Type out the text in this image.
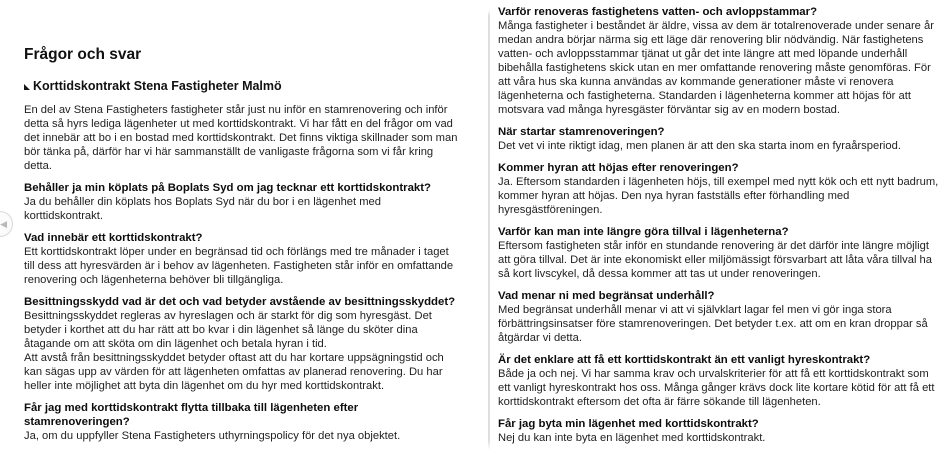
Frågor och svar
Korttidskontrakt Stena Fastigheter Malmö

En del av Stena Fastigheters fastigheter står just nu inför en stamrenovering och inför detta så hyrs lediga lägenheter ut med korttidskontrakt. Vi har fått en del frågor om vad det innebär att bo i en bostad med korttidskontrakt. Det finns viktiga skillnader som man bör tänka på, därför har vi här sammanställt de vanligaste frågorna som vi får kring detta.

Behåller ja min köplats på Boplats Syd om jag tecknar ett korttidskontrakt?

Ja du behåller din köplats hos Boplats Syd när du bor i en lägenhet med korttidskontrakt.

Vad innebär ett korttidskontrakt?

Ett korttidskontrakt löper under en begränsad tid och förlängs med tre månader i taget till dess att hyresvärden är i behov av lägenheten. Fastigheten står inför en omfattande renovering och lägenheterna behöver bli tillgängliga.

Besittningsskydd vad är det och vad betyder avstående av besittningsskyddet?

Besittningsskyddet regleras av hyreslagen och är starkt för dig som hyresgäst. Det betyder i korthet att du har rätt att bo kvar i din lägenhet så länge du sköter dina åtagande om att sköta om din lägenhet och betala hyran i tid.

Att avstå från besittningsskyddet betyder oftast att du har kortare uppsägningstid och kan sägas upp av värden för att lägenheten omfattas av planerad renovering. Du har heller inte möjlighet att byta din lägenhet om du hyr med korttidskontrakt.

Får jag med korttidskontrakt flytta tillbaka till lägenheten efter stamrenoveringen?

Ja, om du uppfyller Stena Fastigheters uthyrningspolicy för det nya objektet.

Varför renoveras fastighetens vatten- och avloppstammar?

Många fastigheter i beståndet är äldre, vissa av dem är totalrenoverade under senare år medan andra börjar närma sig ett läge där renovering blir nödvändig. När fastighetens vatten- och avloppsstammar tjänat ut går det inte längre att med löpande underhåll bibehålla fastighetens skick utan en mer omfattande renovering måste genomföras. För att våra hus ska kunna användas av kommande generationer måste vi renovera lägenheterna och fastigheterna. Standarden i lägenheterna kommer att höjas för att motsvara vad många hyresgäster förväntar sig av en modern bostad.

När startar stamrenoveringen?

Det vet vi inte riktigt idag, men planen är att den ska starta inom en fyraårsperiod.

Kommer hyran att höjas efter renoveringen?

Ja. Eftersom standarden i lägenheten höjs, till exempel med nytt kök och ett nytt badrum, kommer hyran att höjas. Den nya hyran fastställs efter förhandling med hyresgästföreningen.

Varför kan man inte längre göra tillval i lägenheterna?

Eftersom fastigheten står inför en stundande renovering är det därför inte längre möjligt att göra tillval. Det är inte ekonomiskt eller miljömässigt försvarbart att låta våra tillval ha så kort livscykel, då dessa kommer att tas ut under renoveringen.

Vad menar ni med begränsat underhåll?

Med begränsat underhåll menar vi att vi självklart lagar fel men vi gör inga stora förbättringsinsatser före stamrenoveringen. Det betyder t.ex. att om en kran droppar så åtgärdar vi detta.

Är det enklare att få ett korttidskontrakt än ett vanligt hyreskontrakt?

Både ja och nej. Vi har samma krav och urvalskriterier för att få ett korttidskontrakt som ett vanligt hyreskontrakt hos oss. Många gånger krävs dock lite kortare kötid för att få ett korttidskontrakt eftersom det ofta är färre sökande till lägenheten.

Får jag byta min lägenhet med korttidskontrakt?

Nej du kan inte byta en lägenhet med korttidskontrakt.

◀
